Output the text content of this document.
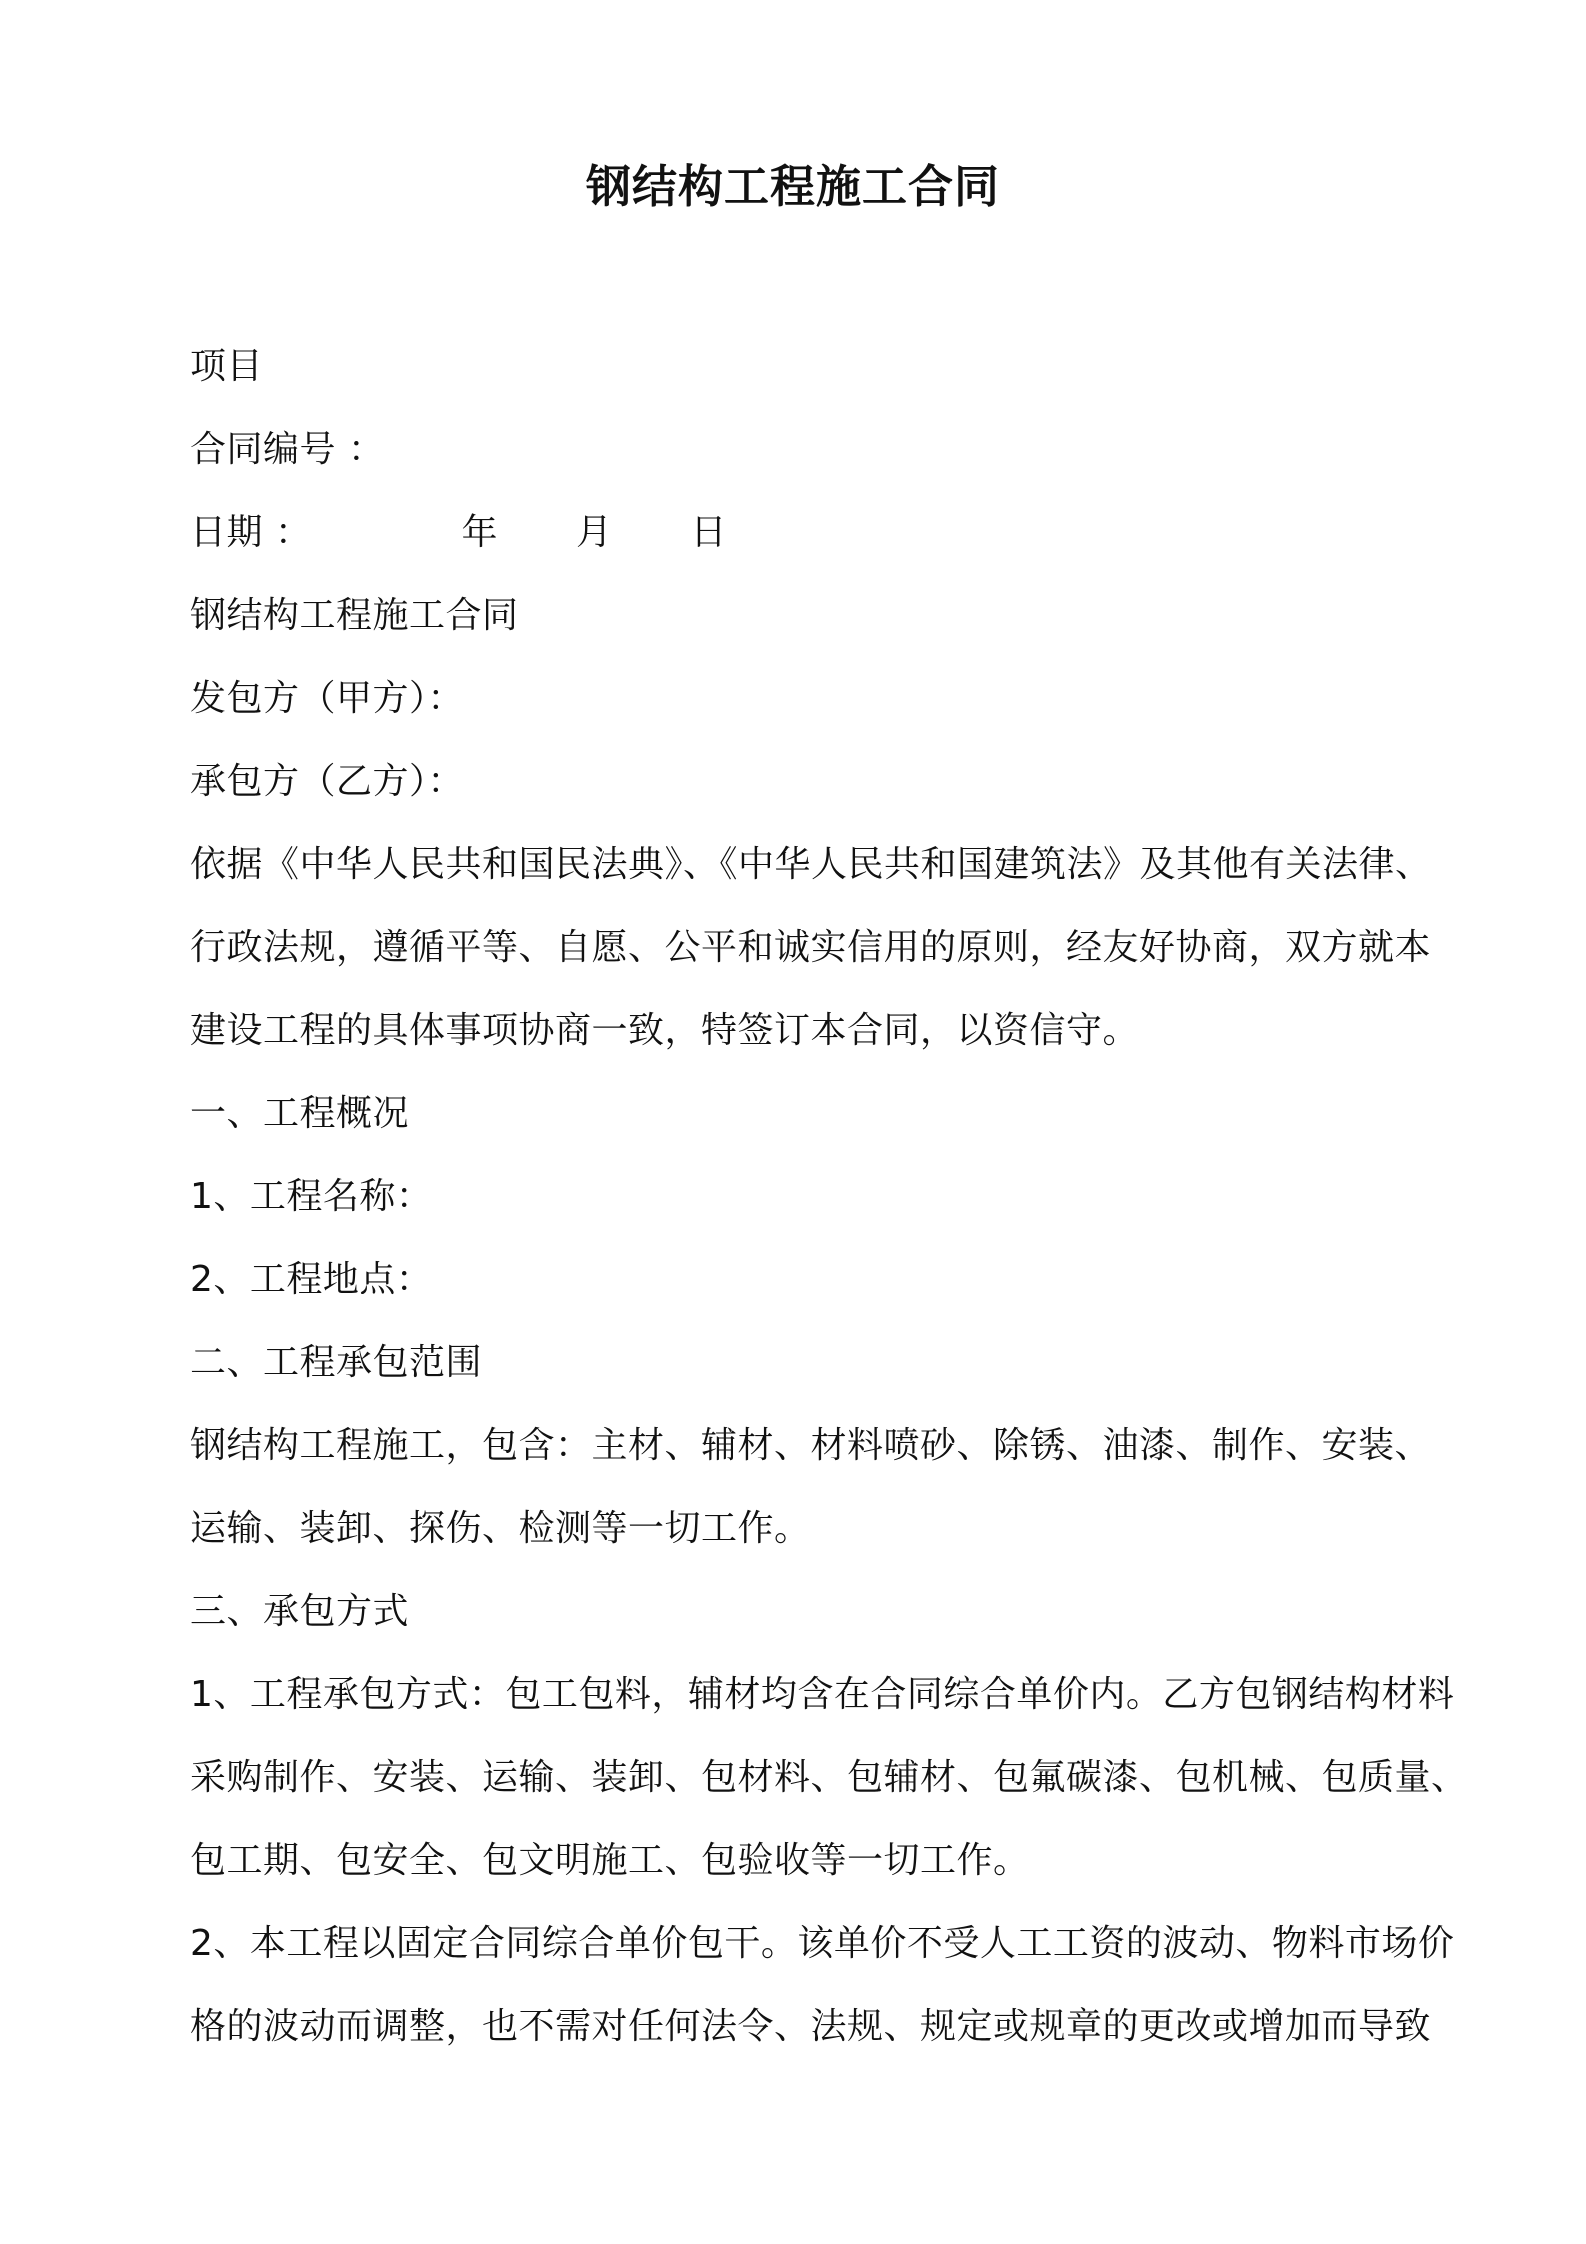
钢结构工程施工合同
项目
合同编号 ：
日期 ：	年 月 日
钢结构工程施工合同
发包方（甲方）：
承包方（乙方）：
依据《中华人民共和国民法典》、《中华人民共和国建筑法》及其他有关法律、
行政法规，遵循平等、自愿、公平和诚实信用的原则，经友好协商，双方就本
建设工程的具体事项协商一致，特签订本合同，以资信守。
一、工程概况
1、工程名称：
2、工程地点：
二、工程承包范围
钢结构工程施工，包含：主材、辅材、材料喷砂、除锈、油漆、制作、安装、
运输、装卸、探伤、检测等一切工作。
三、承包方式
1、工程承包方式：包工包料，辅材均含在合同综合单价内。乙方包钢结构材料
采购制作、安装、运输、装卸、包材料、包辅材、包氟碳漆、包机械、包质量、
包工期、包安全、包文明施工、包验收等一切工作。
2、本工程以固定合同综合单价包干。该单价不受人工工资的波动、物料市场价
格的波动而调整，也不需对任何法令、法规、规定或规章的更改或增加而导致
